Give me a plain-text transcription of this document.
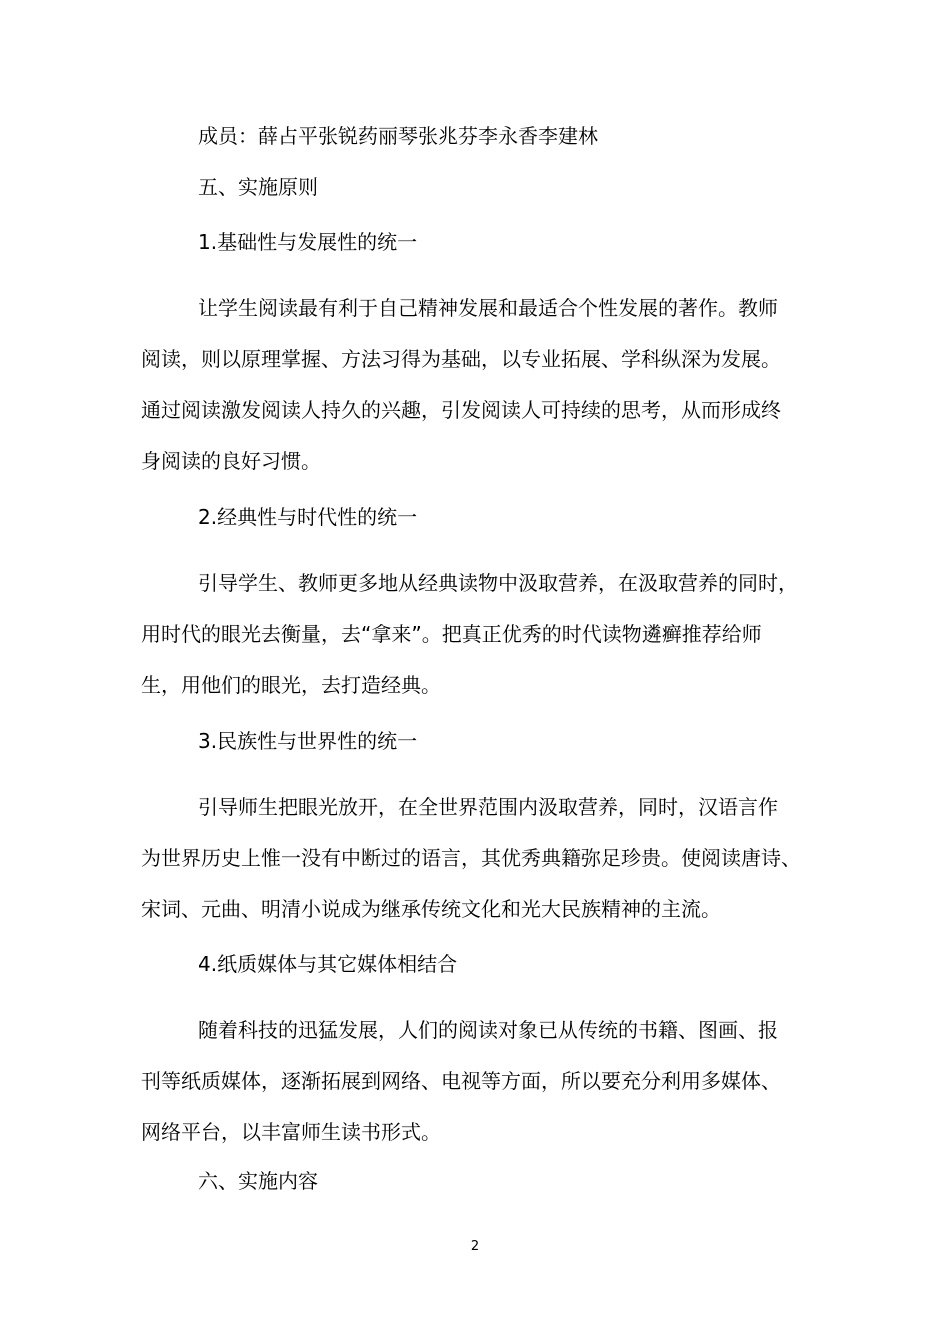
成员：薛占平张锐药丽琴张兆芬李永香李建林

五、实施原则

1.基础性与发展性的统一

让学生阅读最有利于自己精神发展和最适合个性发展的著作。教师

阅读，则以原理掌握、方法习得为基础，以专业拓展、学科纵深为发展。

通过阅读激发阅读人持久的兴趣，引发阅读人可持续的思考，从而形成终

身阅读的良好习惯。

2.经典性与时代性的统一

引导学生、教师更多地从经典读物中汲取营养，在汲取营养的同时，

用时代的眼光去衡量，去“拿来”。把真正优秀的时代读物遴癣推荐给师

生，用他们的眼光，去打造经典。

3.民族性与世界性的统一

引导师生把眼光放开，在全世界范围内汲取营养，同时，汉语言作

为世界历史上惟一没有中断过的语言，其优秀典籍弥足珍贵。使阅读唐诗、

宋词、元曲、明清小说成为继承传统文化和光大民族精神的主流。

4.纸质媒体与其它媒体相结合

随着科技的迅猛发展，人们的阅读对象已从传统的书籍、图画、报

刊等纸质媒体，逐渐拓展到网络、电视等方面，所以要充分利用多媒体、

网络平台，以丰富师生读书形式。

六、实施内容

2
